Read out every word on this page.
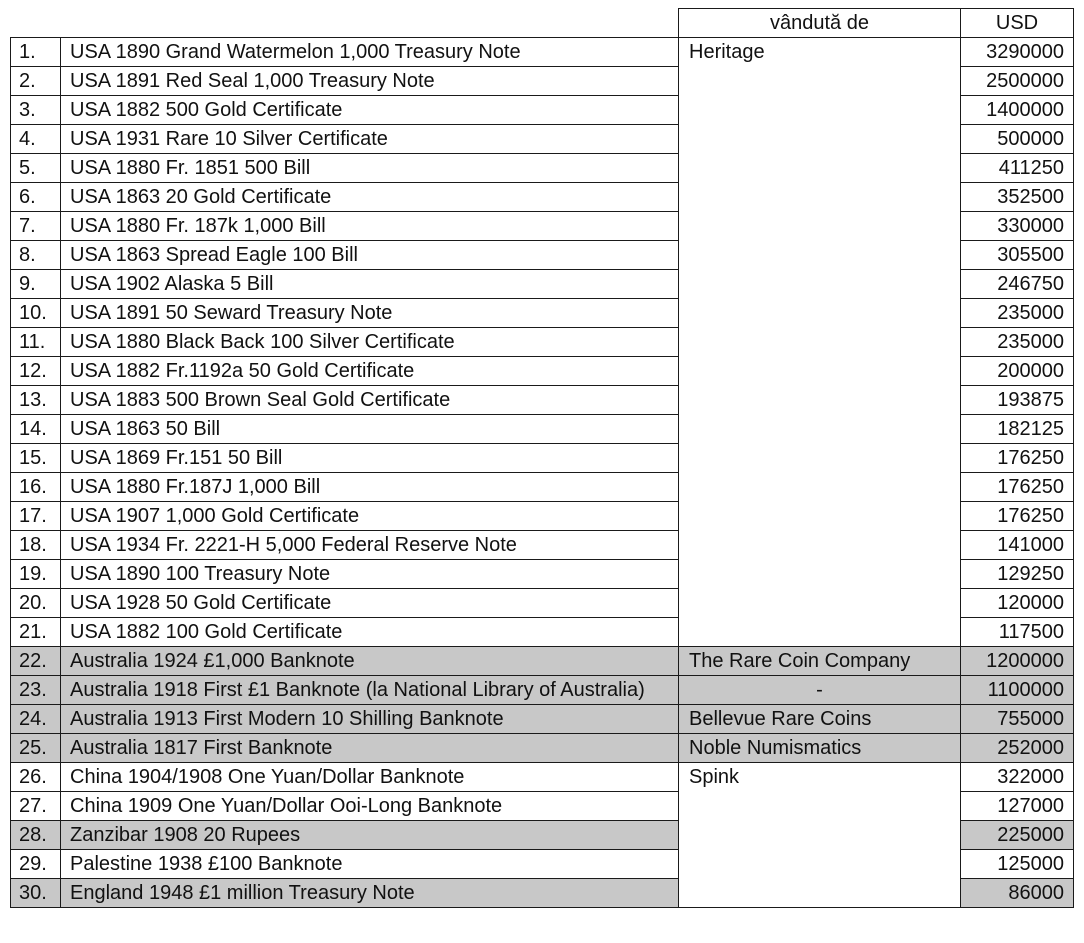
		vândută de	USD
1.	USA 1890 Grand Watermelon 1,000 Treasury Note	Heritage	3290000
2.	USA 1891 Red Seal 1,000 Treasury Note		2500000
3.	USA 1882 500 Gold Certificate		1400000
4.	USA 1931 Rare 10 Silver Certificate		500000
5.	USA 1880 Fr. 1851 500 Bill		411250
6.	USA 1863 20 Gold Certificate		352500
7.	USA 1880 Fr. 187k 1,000 Bill		330000
8.	USA 1863 Spread Eagle 100 Bill		305500
9.	USA 1902 Alaska 5 Bill		246750
10.	USA 1891 50 Seward Treasury Note		235000
11.	USA 1880 Black Back 100 Silver Certificate		235000
12.	USA 1882 Fr.1192a 50 Gold Certificate		200000
13.	USA 1883 500 Brown Seal Gold Certificate		193875
14.	USA 1863 50 Bill		182125
15.	USA 1869 Fr.151 50 Bill		176250
16.	USA 1880 Fr.187J 1,000 Bill		176250
17.	USA 1907 1,000 Gold Certificate		176250
18.	USA 1934 Fr. 2221-H 5,000 Federal Reserve Note		141000
19.	USA 1890 100 Treasury Note		129250
20.	USA 1928 50 Gold Certificate		120000
21.	USA 1882 100 Gold Certificate		117500
22.	Australia 1924 £1,000 Banknote	The Rare Coin Company	1200000
23.	Australia 1918 First £1 Banknote (la National Library of Australia)	-	1100000
24.	Australia 1913 First Modern 10 Shilling Banknote	Bellevue Rare Coins	755000
25.	Australia 1817 First Banknote	Noble Numismatics	252000
26.	China 1904/1908 One Yuan/Dollar Banknote	Spink	322000
27.	China 1909 One Yuan/Dollar Ooi-Long Banknote		127000
28.	Zanzibar 1908 20 Rupees		225000
29.	Palestine 1938 £100 Banknote		125000
30.	England 1948 £1 million Treasury Note		86000
